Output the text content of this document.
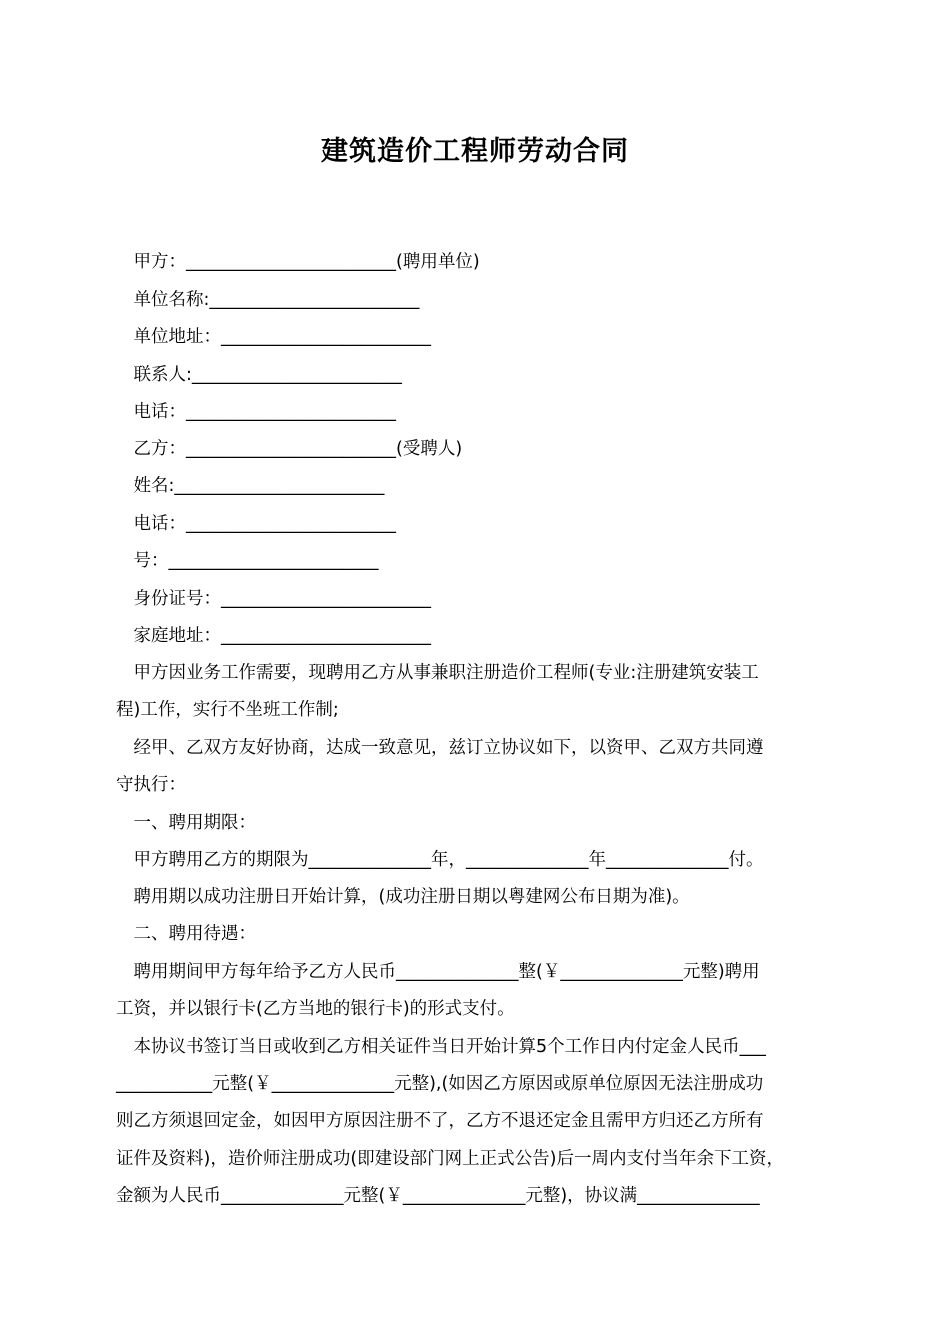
建筑造价工程师劳动合同
　甲方：________________________(聘用单位)
　单位名称:________________________
　单位地址：________________________
　联系人:________________________
　电话：________________________
　乙方：________________________(受聘人)
　姓名:________________________
　电话：________________________
　号：________________________
　身份证号：________________________
　家庭地址：________________________
　甲方因业务工作需要，现聘用乙方从事兼职注册造价工程师(专业:注册建筑安装工
程)工作，实行不坐班工作制;
　经甲、乙双方友好协商，达成一致意见，兹订立协议如下，以资甲、乙双方共同遵
守执行：
　一、聘用期限：
　甲方聘用乙方的期限为______________年，______________年______________付。
　聘用期以成功注册日开始计算，(成功注册日期以粤建网公布日期为准)。
　二、聘用待遇：
　聘用期间甲方每年给予乙方人民币______________整(￥______________元整)聘用
工资，并以银行卡(乙方当地的银行卡)的形式支付。
　本协议书签订当日或收到乙方相关证件当日开始计算5个工作日内付定金人民币___
___________元整(￥______________元整),(如因乙方原因或原单位原因无法注册成功
则乙方须退回定金，如因甲方原因注册不了，乙方不退还定金且需甲方归还乙方所有
证件及资料)，造价师注册成功(即建设部门网上正式公告)后一周内支付当年余下工资，
金额为人民币______________元整(￥______________元整)，协议满______________
